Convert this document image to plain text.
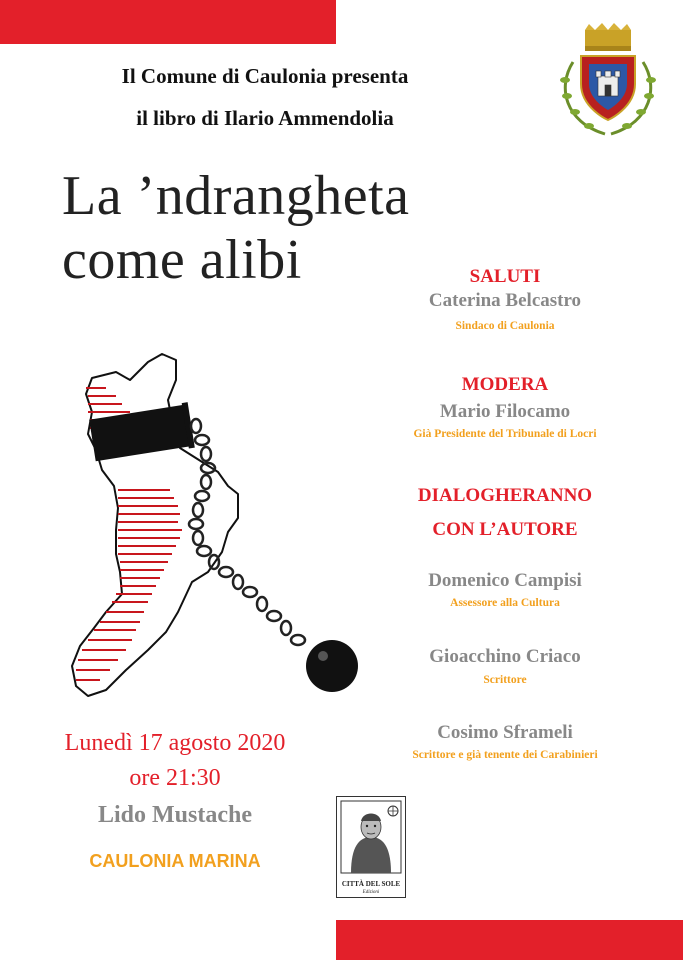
Il Comune di Caulonia presenta
il libro di Ilario Ammendolia
La ’ndrangheta
come alibi	SALUTI
Caterina Belcastro
Sindaco di Caulonia
MODERA
Mario Filocamo
Già Presidente del Tribunale di Locri
DIALOGHERANNO
CON L’AUTORE
Domenico Campisi
Assessore alla Cultura
Gioacchino Criaco
Scrittore
Cosimo Sframeli
Scrittore e già tenente dei Carabinieri
Lunedì 17 agosto 2020
ore 21:30
Lido Mustache
CAULONIA MARINA
CITTÀ DEL SOLE
Edizioni
